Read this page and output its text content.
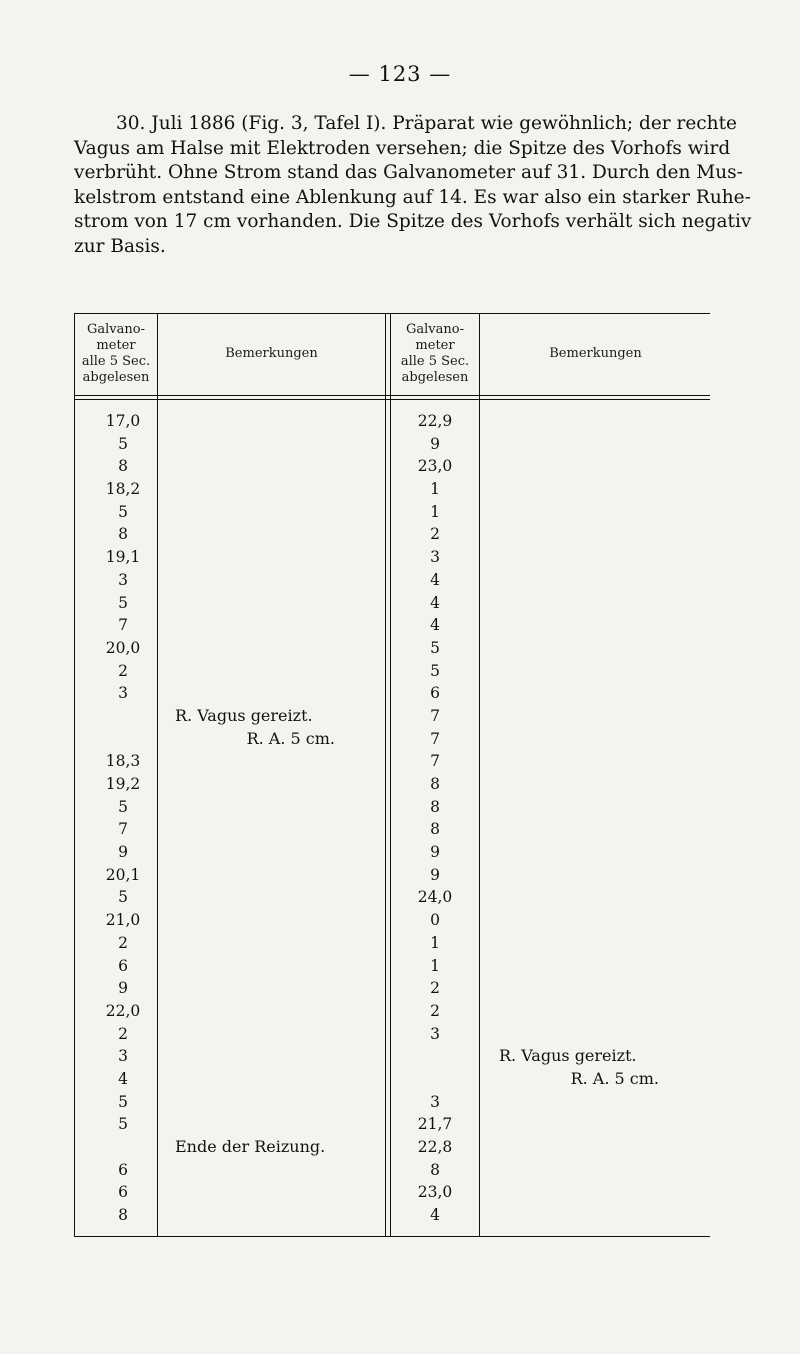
— 123 —

30. Juli 1886 (Fig. 3, Tafel I). Präparat wie gewöhnlich; der rechte
Vagus am Halse mit Elektroden versehen; die Spitze des Vorhofs wird
verbrüht. Ohne Strom stand das Galvanometer auf 31. Durch den Mus-
kelstrom entstand eine Ablenkung auf 14. Es war also ein starker Ruhe-
strom von 17 cm vorhanden. Die Spitze des Vorhofs verhält sich negativ
zur Basis.

Galvano-
meter
alle 5 Sec.
abgelesen
Bemerkungen
Galvano-
meter
alle 5 Sec.
abgelesen
Bemerkungen
17,0
5
8
18,2
5
8
19,1
3
5
7
20,0
2
3
18,3
19,2
5
7
9
20,1
5
21,0
2
6
9
22,0
2
3
4
5
5
6
6
8
R. Vagus gereizt.
R. A. 5 cm.
Ende der Reizung.
22,9
9
23,0
1
1
2
3
4
4
4
5
5
6
7
7
7
8
8
8
9
9
24,0
0
1
1
2
2
3
3
21,7
22,8
8
23,0
4
R. Vagus gereizt.
R. A. 5 cm.
